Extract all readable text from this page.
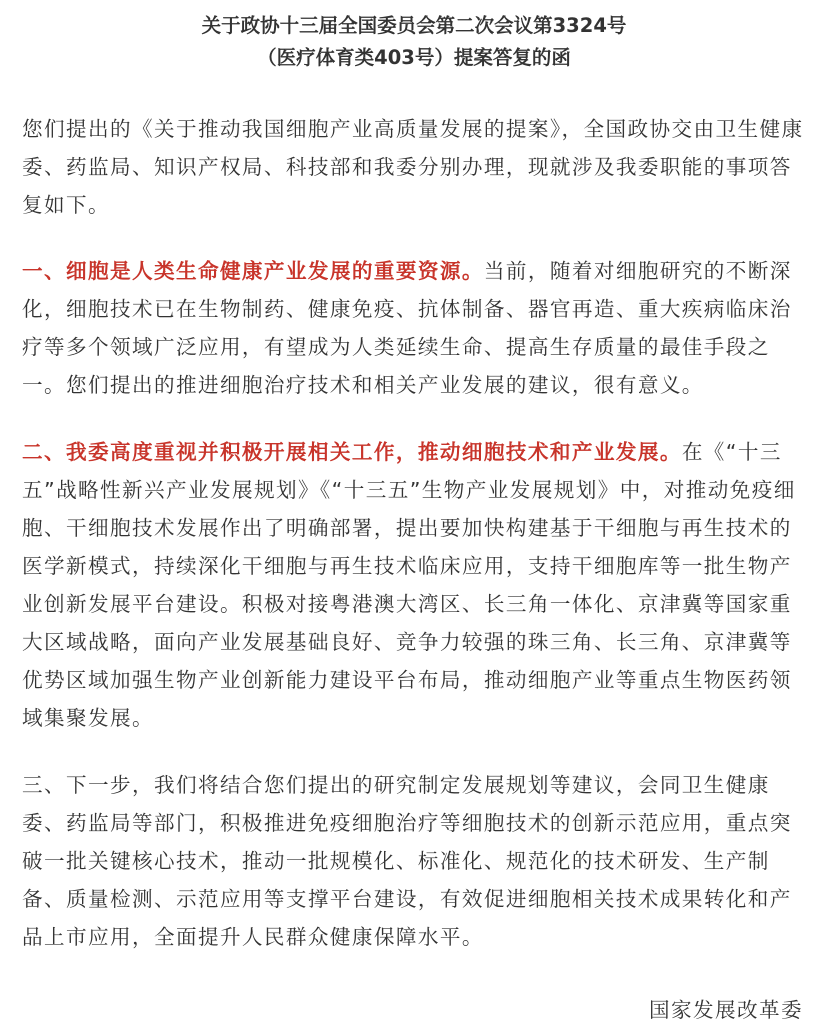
关于政协十三届全国委员会第二次会议第3324号
（医疗体育类403号）提案答复的函

您们提出的《关于推动我国细胞产业高质量发展的提案》，全国政协交由卫生健康委、药监局、知识产权局、科技部和我委分别办理，现就涉及我委职能的事项答复如下。

一、细胞是人类生命健康产业发展的重要资源。当前，随着对细胞研究的不断深化，细胞技术已在生物制药、健康免疫、抗体制备、器官再造、重大疾病临床治疗等多个领域广泛应用，有望成为人类延续生命、提高生存质量的最佳手段之一。您们提出的推进细胞治疗技术和相关产业发展的建议，很有意义。

二、我委高度重视并积极开展相关工作，推动细胞技术和产业发展。在《“十三五”战略性新兴产业发展规划》《“十三五”生物产业发展规划》中，对推动免疫细胞、干细胞技术发展作出了明确部署，提出要加快构建基于干细胞与再生技术的医学新模式，持续深化干细胞与再生技术临床应用，支持干细胞库等一批生物产业创新发展平台建设。积极对接粤港澳大湾区、长三角一体化、京津冀等国家重大区域战略，面向产业发展基础良好、竞争力较强的珠三角、长三角、京津冀等优势区域加强生物产业创新能力建设平台布局，推动细胞产业等重点生物医药领域集聚发展。

三、下一步，我们将结合您们提出的研究制定发展规划等建议，会同卫生健康委、药监局等部门，积极推进免疫细胞治疗等细胞技术的创新示范应用，重点突破一批关键核心技术，推动一批规模化、标准化、规范化的技术研发、生产制备、质量检测、示范应用等支撑平台建设，有效促进细胞相关技术成果转化和产品上市应用，全面提升人民群众健康保障水平。

国家发展改革委
